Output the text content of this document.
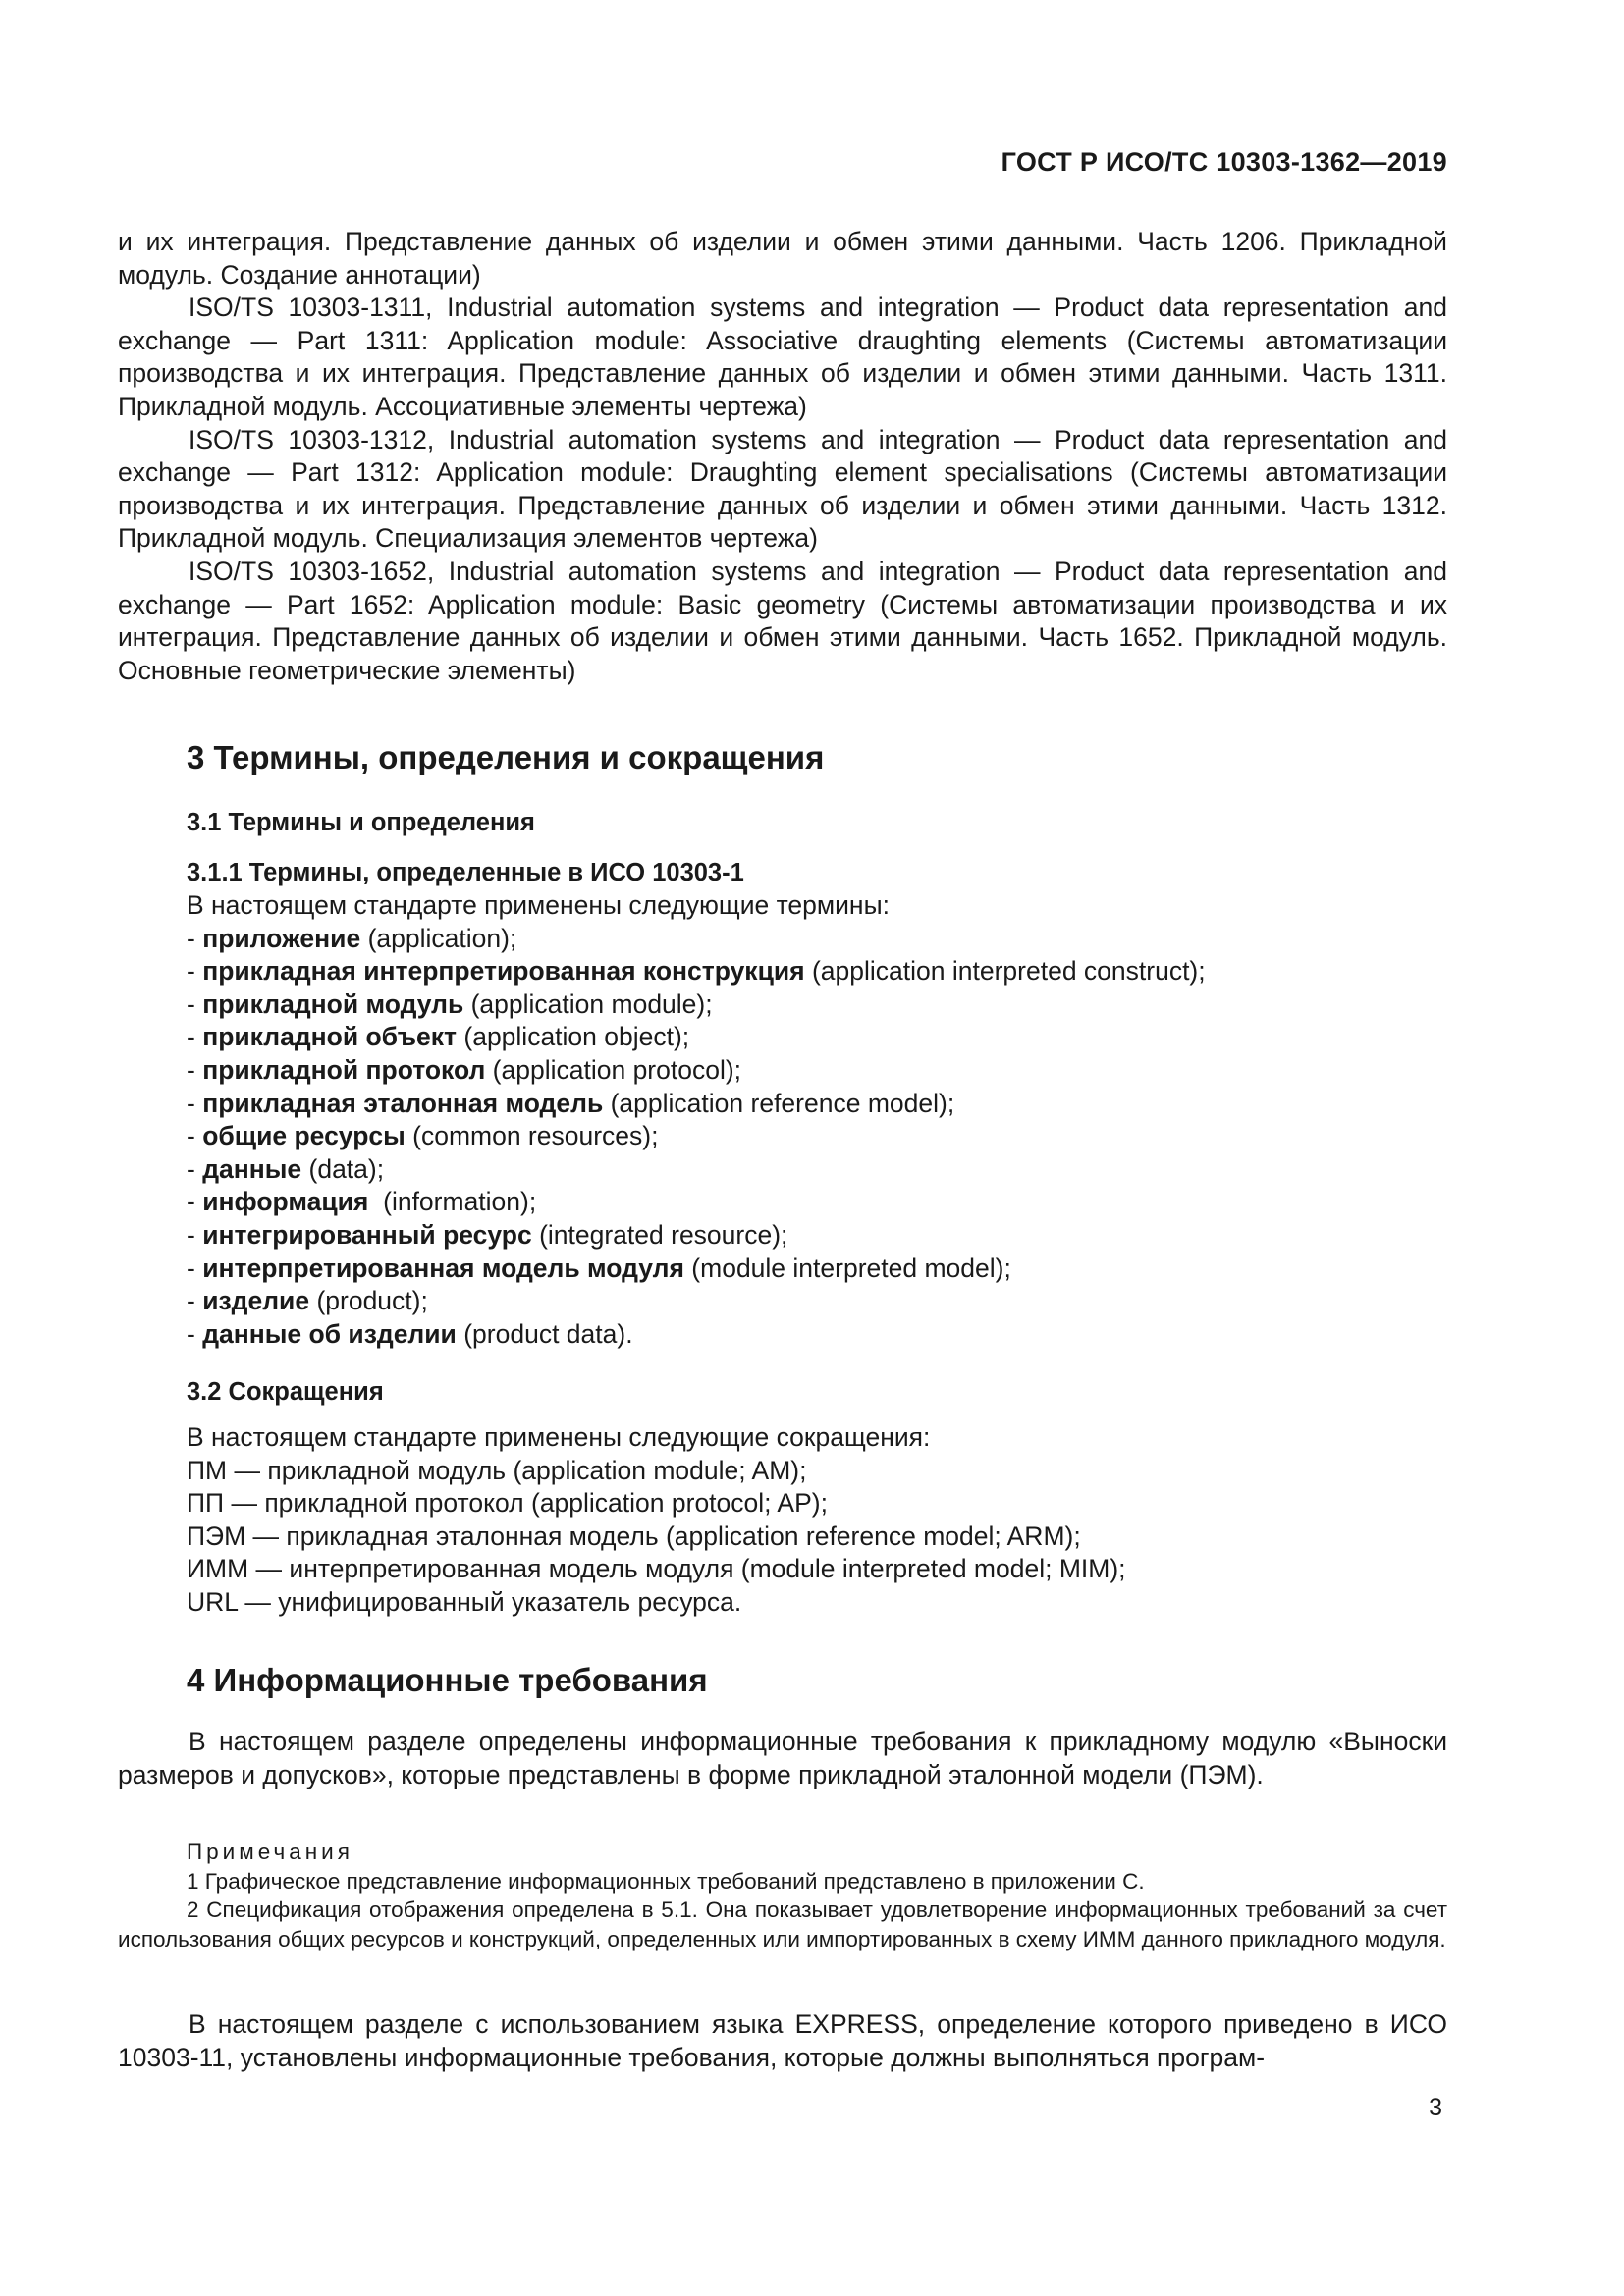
ГОСТ Р ИСО/ТС 10303-1362—2019

и их интеграция. Представление данных об изделии и обмен этими данными. Часть 1206. Прикладной модуль. Создание аннотации)

ISO/TS 10303-1311, Industrial automation systems and integration — Product data representation and exchange — Part 1311: Application module: Associative draughting elements (Системы автоматизации производства и их интеграция. Представление данных об изделии и обмен этими данными. Часть 1311. Прикладной модуль. Ассоциативные элементы чертежа)

ISO/TS 10303-1312, Industrial automation systems and integration — Product data representation and exchange — Part 1312: Application module: Draughting element specialisations (Системы автоматизации производства и их интеграция. Представление данных об изделии и обмен этими данными. Часть 1312. Прикладной модуль. Специализация элементов чертежа)

ISO/TS 10303-1652, Industrial automation systems and integration — Product data representation and exchange — Part 1652: Application module: Basic geometry (Системы автоматизации производства и их интеграция. Представление данных об изделии и обмен этими данными. Часть 1652. Прикладной модуль. Основные геометрические элементы)

3 Термины, определения и сокращения
3.1 Термины и определения
3.1.1 Термины, определенные в ИСО 10303-1
В настоящем стандарте применены следующие термины:
- приложение (application);
- прикладная интерпретированная конструкция (application interpreted construct);
- прикладной модуль (application module);
- прикладной объект (application object);
- прикладной протокол (application protocol);
- прикладная эталонная модель (application reference model);
- общие ресурсы (common resources);
- данные (data);
- информация  (information);
- интегрированный ресурс (integrated resource);
- интерпретированная модель модуля (module interpreted model);
- изделие (product);
- данные об изделии (product data).
3.2 Сокращения
В настоящем стандарте применены следующие сокращения:
ПМ — прикладной модуль (application module; AM);
ПП — прикладной протокол (application protocol; AP);
ПЭМ — прикладная эталонная модель (application reference model; ARM);
ИММ — интерпретированная модель модуля (module interpreted model; MIM);
URL — унифицированный указатель ресурса.
4 Информационные требования

В настоящем разделе определены информационные требования к прикладному модулю «Выноски размеров и допусков», которые представлены в форме прикладной эталонной модели (ПЭМ).

Примечания

1 Графическое представление информационных требований представлено в приложении С.

2 Спецификация отображения определена в 5.1. Она показывает удовлетворение информационных требований за счет использования общих ресурсов и конструкций, определенных или импортированных в схему ИММ данного прикладного модуля.

В настоящем разделе с использованием языка EXPRESS, определение которого приведено в ИСО 10303-11, установлены информационные требования, которые должны выполняться програм-

3
